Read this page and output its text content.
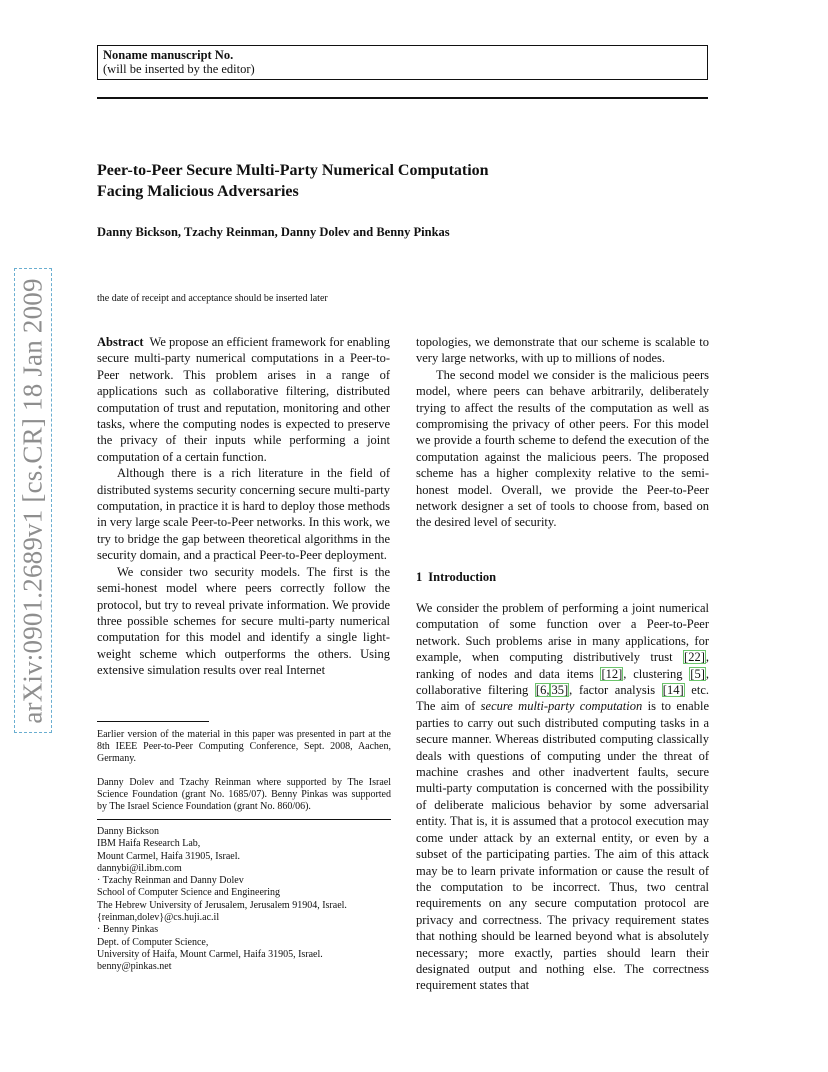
arXiv:0901.2689v1 [cs.CR] 18 Jan 2009
Noname manuscript No.
(will be inserted by the editor)
Peer-to-Peer Secure Multi-Party Numerical Computation
Facing Malicious Adversaries
Danny Bickson, Tzachy Reinman, Danny Dolev and Benny Pinkas
the date of receipt and acceptance should be inserted later

Abstract We propose an efficient framework for enabling secure multi-party numerical computations in a Peer-to-Peer network. This problem arises in a range of applications such as collaborative filtering, distributed computation of trust and reputation, monitoring and other tasks, where the computing nodes is expected to preserve the privacy of their inputs while performing a joint computation of a certain function.

Although there is a rich literature in the field of distributed systems security concerning secure multi-party computation, in practice it is hard to deploy those methods in very large scale Peer-to-Peer networks. In this work, we try to bridge the gap between theoretical algorithms in the security domain, and a practical Peer-to-Peer deployment.

We consider two security models. The first is the semi-honest model where peers correctly follow the protocol, but try to reveal private information. We provide three possible schemes for secure multi-party numerical computation for this model and identify a single light-weight scheme which outperforms the others. Using extensive simulation results over real Internet

topologies, we demonstrate that our scheme is scalable to very large networks, with up to millions of nodes.

The second model we consider is the malicious peers model, where peers can behave arbitrarily, deliberately trying to affect the results of the computation as well as compromising the privacy of other peers. For this model we provide a fourth scheme to defend the execution of the computation against the malicious peers. The proposed scheme has a higher complexity relative to the semi-honest model. Overall, we provide the Peer-to-Peer network designer a set of tools to choose from, based on the desired level of security.

1 Introduction

We consider the problem of performing a joint numerical computation of some function over a Peer-to-Peer network. Such problems arise in many applications, for example, when computing distributively trust [22], ranking of nodes and data items [12], clustering [5], collaborative filtering [6, 35], factor analysis [14] etc. The aim of secure multi-party computation is to enable parties to carry out such distributed computing tasks in a secure manner. Whereas distributed computing classically deals with questions of computing under the threat of machine crashes and other inadvertent faults, secure multi-party computation is concerned with the possibility of deliberate malicious behavior by some adversarial entity. That is, it is assumed that a protocol execution may come under attack by an external entity, or even by a subset of the participating parties. The aim of this attack may be to learn private information or cause the result of the computation to be incorrect. Thus, two central requirements on any secure computation protocol are privacy and correctness. The privacy requirement states that nothing should be learned beyond what is absolutely necessary; more exactly, parties should learn their designated output and nothing else. The correctness requirement states that

Earlier version of the material in this paper was presented in part at the 8th IEEE Peer-to-Peer Computing Conference, Sept. 2008, Aachen, Germany.

Danny Dolev and Tzachy Reinman where supported by The Israel Science Foundation (grant No. 1685/07). Benny Pinkas was supported by The Israel Science Foundation (grant No. 860/06).

Danny Bickson
IBM Haifa Research Lab,
Mount Carmel, Haifa 31905, Israel.
dannybi@il.ibm.com
· Tzachy Reinman and Danny Dolev
School of Computer Science and Engineering
The Hebrew University of Jerusalem, Jerusalem 91904, Israel.
{reinman,dolev}@cs.huji.ac.il
· Benny Pinkas
Dept. of Computer Science,
University of Haifa, Mount Carmel, Haifa 31905, Israel.
benny@pinkas.net
